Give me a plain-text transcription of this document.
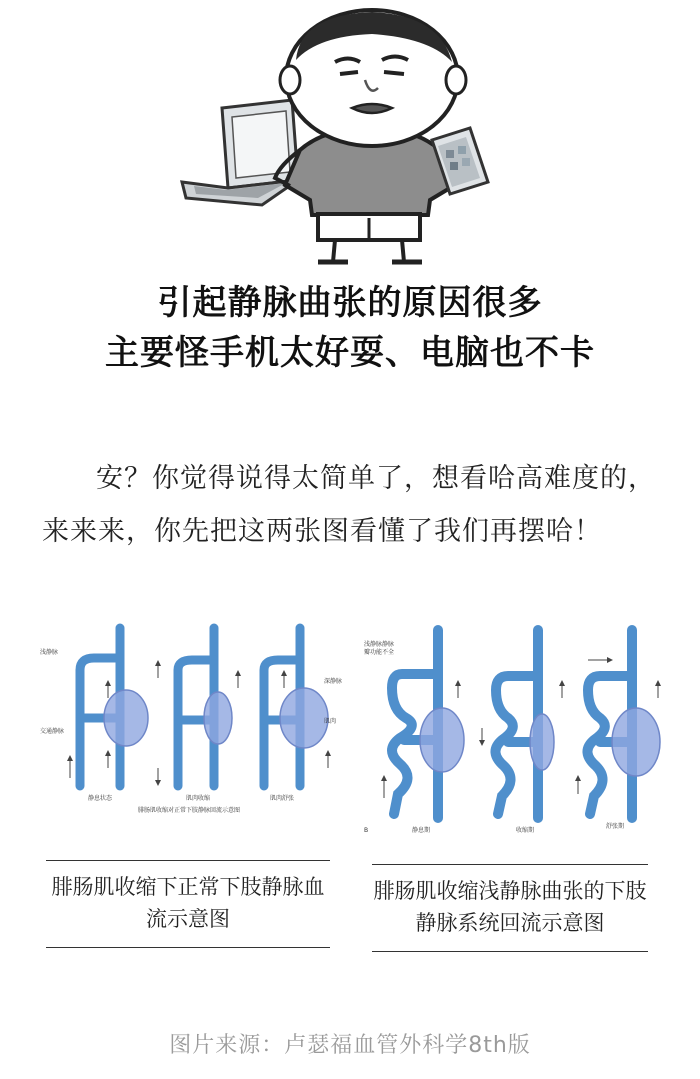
引起静脉曲张的原因很多
主要怪手机太好耍、电脑也不卡

安？你觉得说得太简单了，想看哈高难度的，来来来，你先把这两张图看懂了我们再摆哈！

浅静脉
交通静脉
深静脉
肌肉
静息状态	肌肉收缩	肌肉舒张
腓肠肌收缩对正常下肢静脉回流示意图
浅静脉静脉
瓣功能不全
B	静息期	收缩期
舒张期
腓肠肌收缩下正常下肢静脉血流示意图
腓肠肌收缩浅静脉曲张的下肢静脉系统回流示意图
图片来源：卢瑟福血管外科学8th版
